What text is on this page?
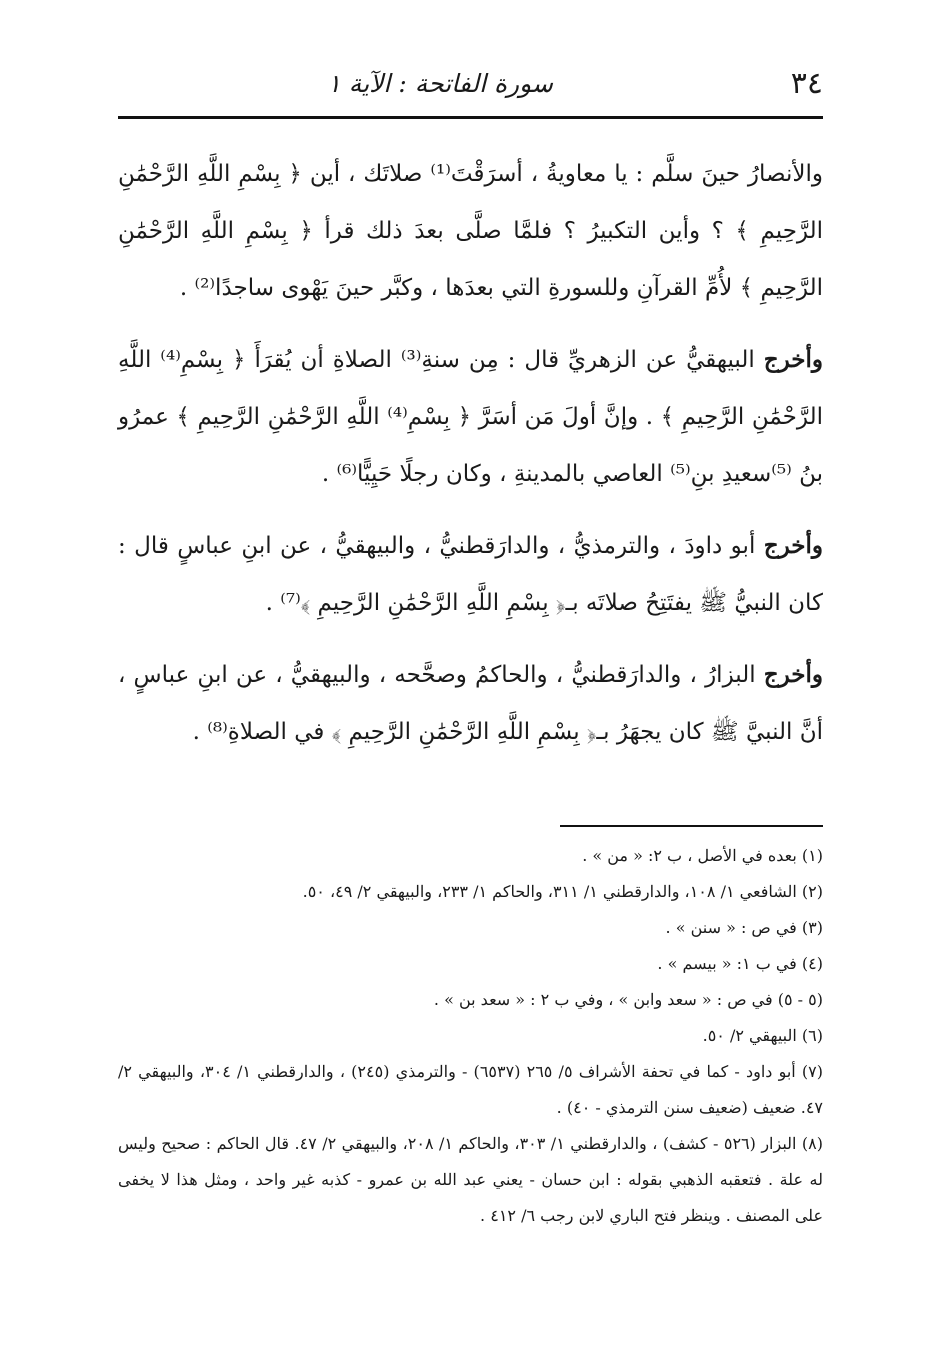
٣٤
سورة الفاتحة : الآية ١

والأنصارُ حينَ سلَّم : يا معاويةُ ، أسرَقْتَ⁽¹⁾ صلاتَك ، أين ﴿ بِسْمِ اللَّهِ الرَّحْمَٰنِ الرَّحِيمِ ﴾ ؟ وأين التكبيرُ ؟ فلمَّا صلَّى بعدَ ذلك قرأ ﴿ بِسْمِ اللَّهِ الرَّحْمَٰنِ الرَّحِيمِ ﴾ لأُمِّ القرآنِ وللسورةِ التي بعدَها ، وكبَّر حينَ يَهْوى ساجدًا⁽²⁾ .

وأخرج البيهقيُّ عن الزهريِّ قال : مِن سنةِ⁽³⁾ الصلاةِ أن يُقرَأَ ﴿ بِسْمِ⁽⁴⁾ اللَّهِ الرَّحْمَٰنِ الرَّحِيمِ ﴾ . وإنَّ أولَ مَن أسَرَّ ﴿ بِسْمِ⁽⁴⁾ اللَّهِ الرَّحْمَٰنِ الرَّحِيمِ ﴾ عمرُو بنُ ⁽⁵⁾سعيدِ بنِ⁽⁵⁾ العاصي بالمدينةِ ، وكان رجلًا حَيِيًّا⁽⁶⁾ .

وأخرج أبو داودَ ، والترمذيُّ ، والدارَقطنيُّ ، والبيهقيُّ ، عن ابنِ عباسٍ قال : كان النبيُّ ﷺ يفتَتِحُ صلاتَه بـ﴿ بِسْمِ اللَّهِ الرَّحْمَٰنِ الرَّحِيمِ ﴾⁽⁷⁾ .

وأخرج البزارُ ، والدارَقطنيُّ ، والحاكمُ وصحَّحه ، والبيهقيُّ ، عن ابنِ عباسٍ ، أنَّ النبيَّ ﷺ كان يجهَرُ بـ﴿ بِسْمِ اللَّهِ الرَّحْمَٰنِ الرَّحِيمِ ﴾ في الصلاةِ⁽⁸⁾ .

(١) بعده في الأصل ، ب ٢: « من » .

(٢) الشافعي ١/ ١٠٨، والدارقطني ١/ ٣١١، والحاكم ١/ ٢٣٣، والبيهقي ٢/ ٤٩، ٥٠.

(٣) في ص : « سنن » .

(٤) في ب ١: « بيسم » .

(٥ - ٥) في ص : « سعد وابن » ، وفي ب ٢ : « سعد بن » .

(٦) البيهقي ٢/ ٥٠.

(٧) أبو داود - كما في تحفة الأشراف ٥/ ٢٦٥ (٦٥٣٧) - والترمذي (٢٤٥) ، والدارقطني ١/ ٣٠٤، والبيهقي ٢/ ٤٧. ضعيف (ضعيف سنن الترمذي - ٤٠) .

(٨) البزار (٥٢٦ - كشف) ، والدارقطني ١/ ٣٠٣، والحاكم ١/ ٢٠٨، والبيهقي ٢/ ٤٧. قال الحاكم : صحيح وليس له علة . فتعقبه الذهبي بقوله : ابن حسان - يعني عبد الله بن عمرو - كذبه غير واحد ، ومثل هذا لا يخفى على المصنف . وينظر فتح الباري لابن رجب ٦/ ٤١٢ .
